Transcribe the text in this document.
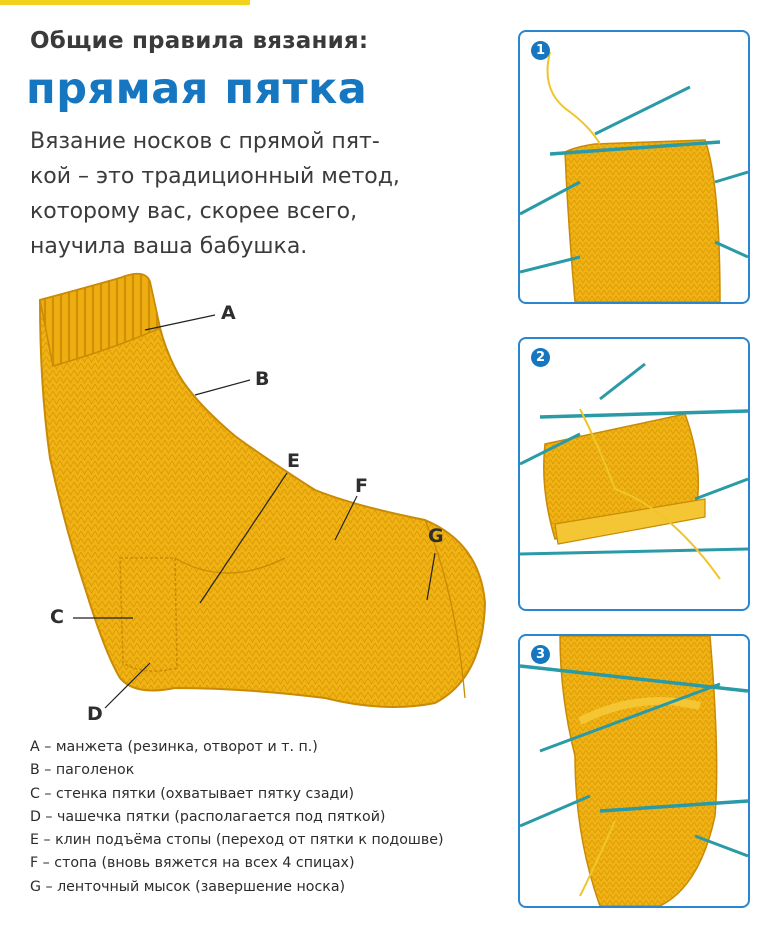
Общие правила вязания:
прямая пятка
Вязание носков с прямой пят-
кой – это традиционный метод,
которому вас, скорее всего,
научила ваша бабушка.
A
B
C
D
E
F
G
A – манжета (резинка, отворот и т. п.)
B – паголенок
C – стенка пятки (охватывает пятку сзади)
D – чашечка пятки (располагается под пяткой)
E – клин подъёма стопы (переход от пятки к подошве)
F – стопа (вновь вяжется на всех 4 спицах)
G – ленточный мысок (завершение носка)
1
2
3
